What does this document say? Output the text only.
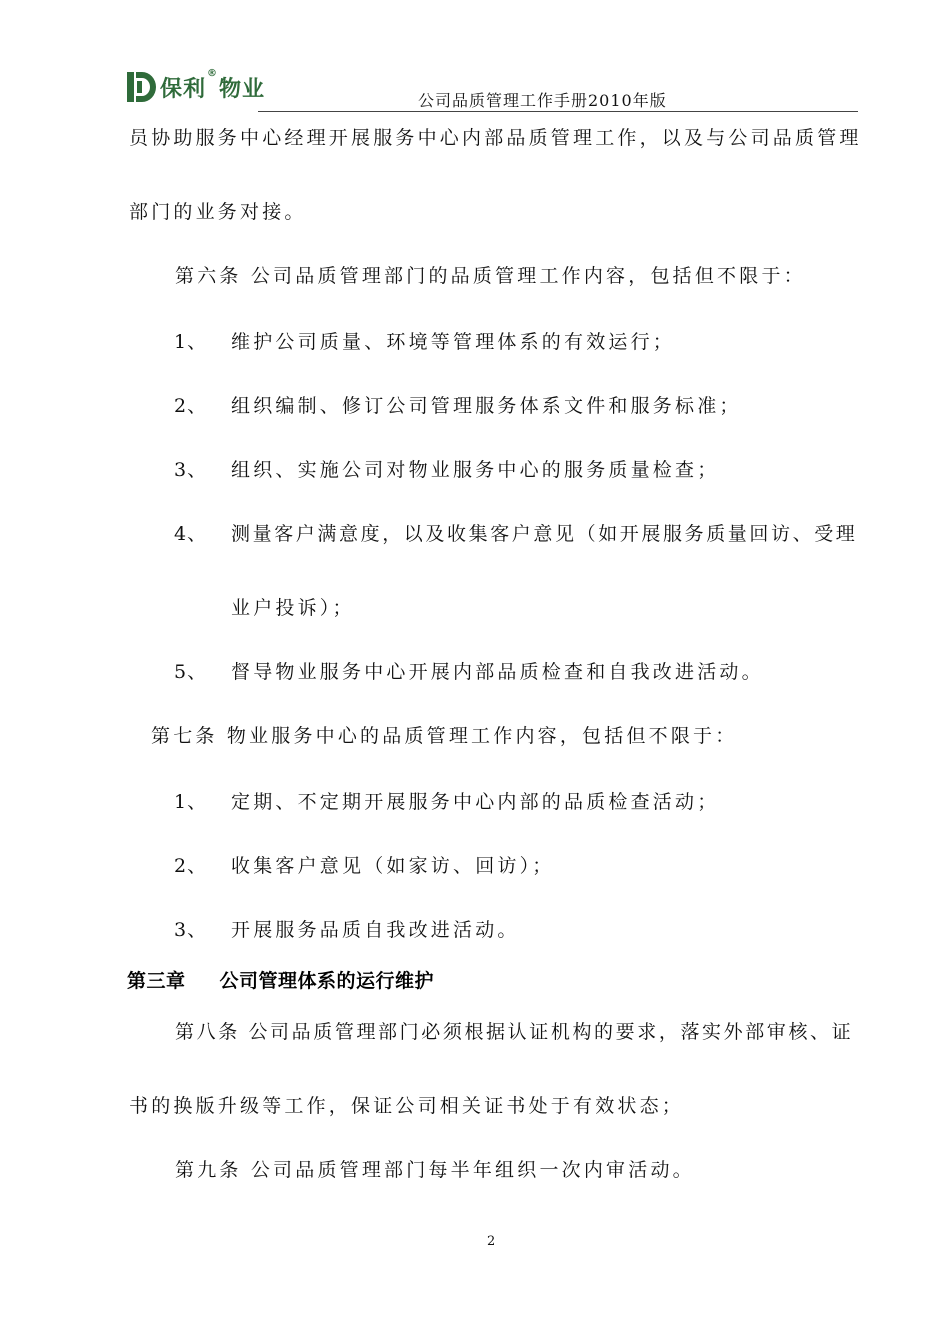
保利®物业	公司品质管理工作手册2010年版
员协助服务中心经理开展服务中心内部品质管理工作，以及与公司品质管理
部门的业务对接。
第六条 公司品质管理部门的品质管理工作内容，包括但不限于：
1、 维护公司质量、环境等管理体系的有效运行；
2、 组织编制、修订公司管理服务体系文件和服务标准；
3、 组织、实施公司对物业服务中心的服务质量检查；
4、 测量客户满意度，以及收集客户意见（如开展服务质量回访、受理
业户投诉）；
5、 督导物业服务中心开展内部品质检查和自我改进活动。
第七条 物业服务中心的品质管理工作内容，包括但不限于：
1、 定期、不定期开展服务中心内部的品质检查活动；
2、 收集客户意见（如家访、回访）；
3、 开展服务品质自我改进活动。
第三章 公司管理体系的运行维护
第八条 公司品质管理部门必须根据认证机构的要求，落实外部审核、证
书的换版升级等工作，保证公司相关证书处于有效状态；
第九条 公司品质管理部门每半年组织一次内审活动。
2
